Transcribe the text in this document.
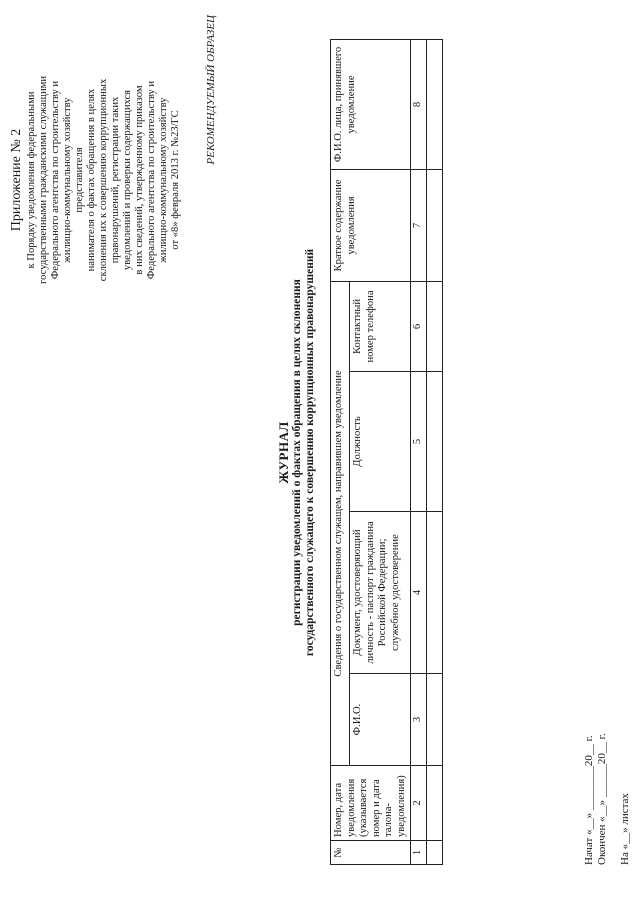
Приложение № 2 к Порядку уведомления федеральными
государственными гражданскими служащими
Федерального агентства по строительству и
жилищно-коммунальному хозяйству
представителя
нанимателя о фактах обращения в целях
склонения их к совершению коррупционных
правонарушений, регистрации таких
уведомлений и проверки содержащихся
в них сведений, утвержденному приказом
Федерального агентства по строительству и
жилищно-коммунальному хозяйству
от «8» февраля 2013 г. №23/ГС
РЕКОМЕНДУЕМЫЙ ОБРАЗЕЦ
ЖУРНАЛ регистрации уведомлений о фактах обращения в целях склонения государственного служащего к совершению коррупционных правонарушений
№	Номер, дата уведомления (указывается номер и дата талона-уведомления)	Сведения о государственном служащем, направившем уведомление				Краткое содержание уведомления	Ф.И.О. лица, принявшего уведомление
		Ф.И.О.	Документ, удостоверяющий личность - паспорт гражданина Российской Федерации; служебное удостоверение	Должность	Контактный номер телефона		
1	2	3	4	5	6	7	8

Начат «__» ________20__ г. Окончен «__» ______20__ г. На «__» листах
